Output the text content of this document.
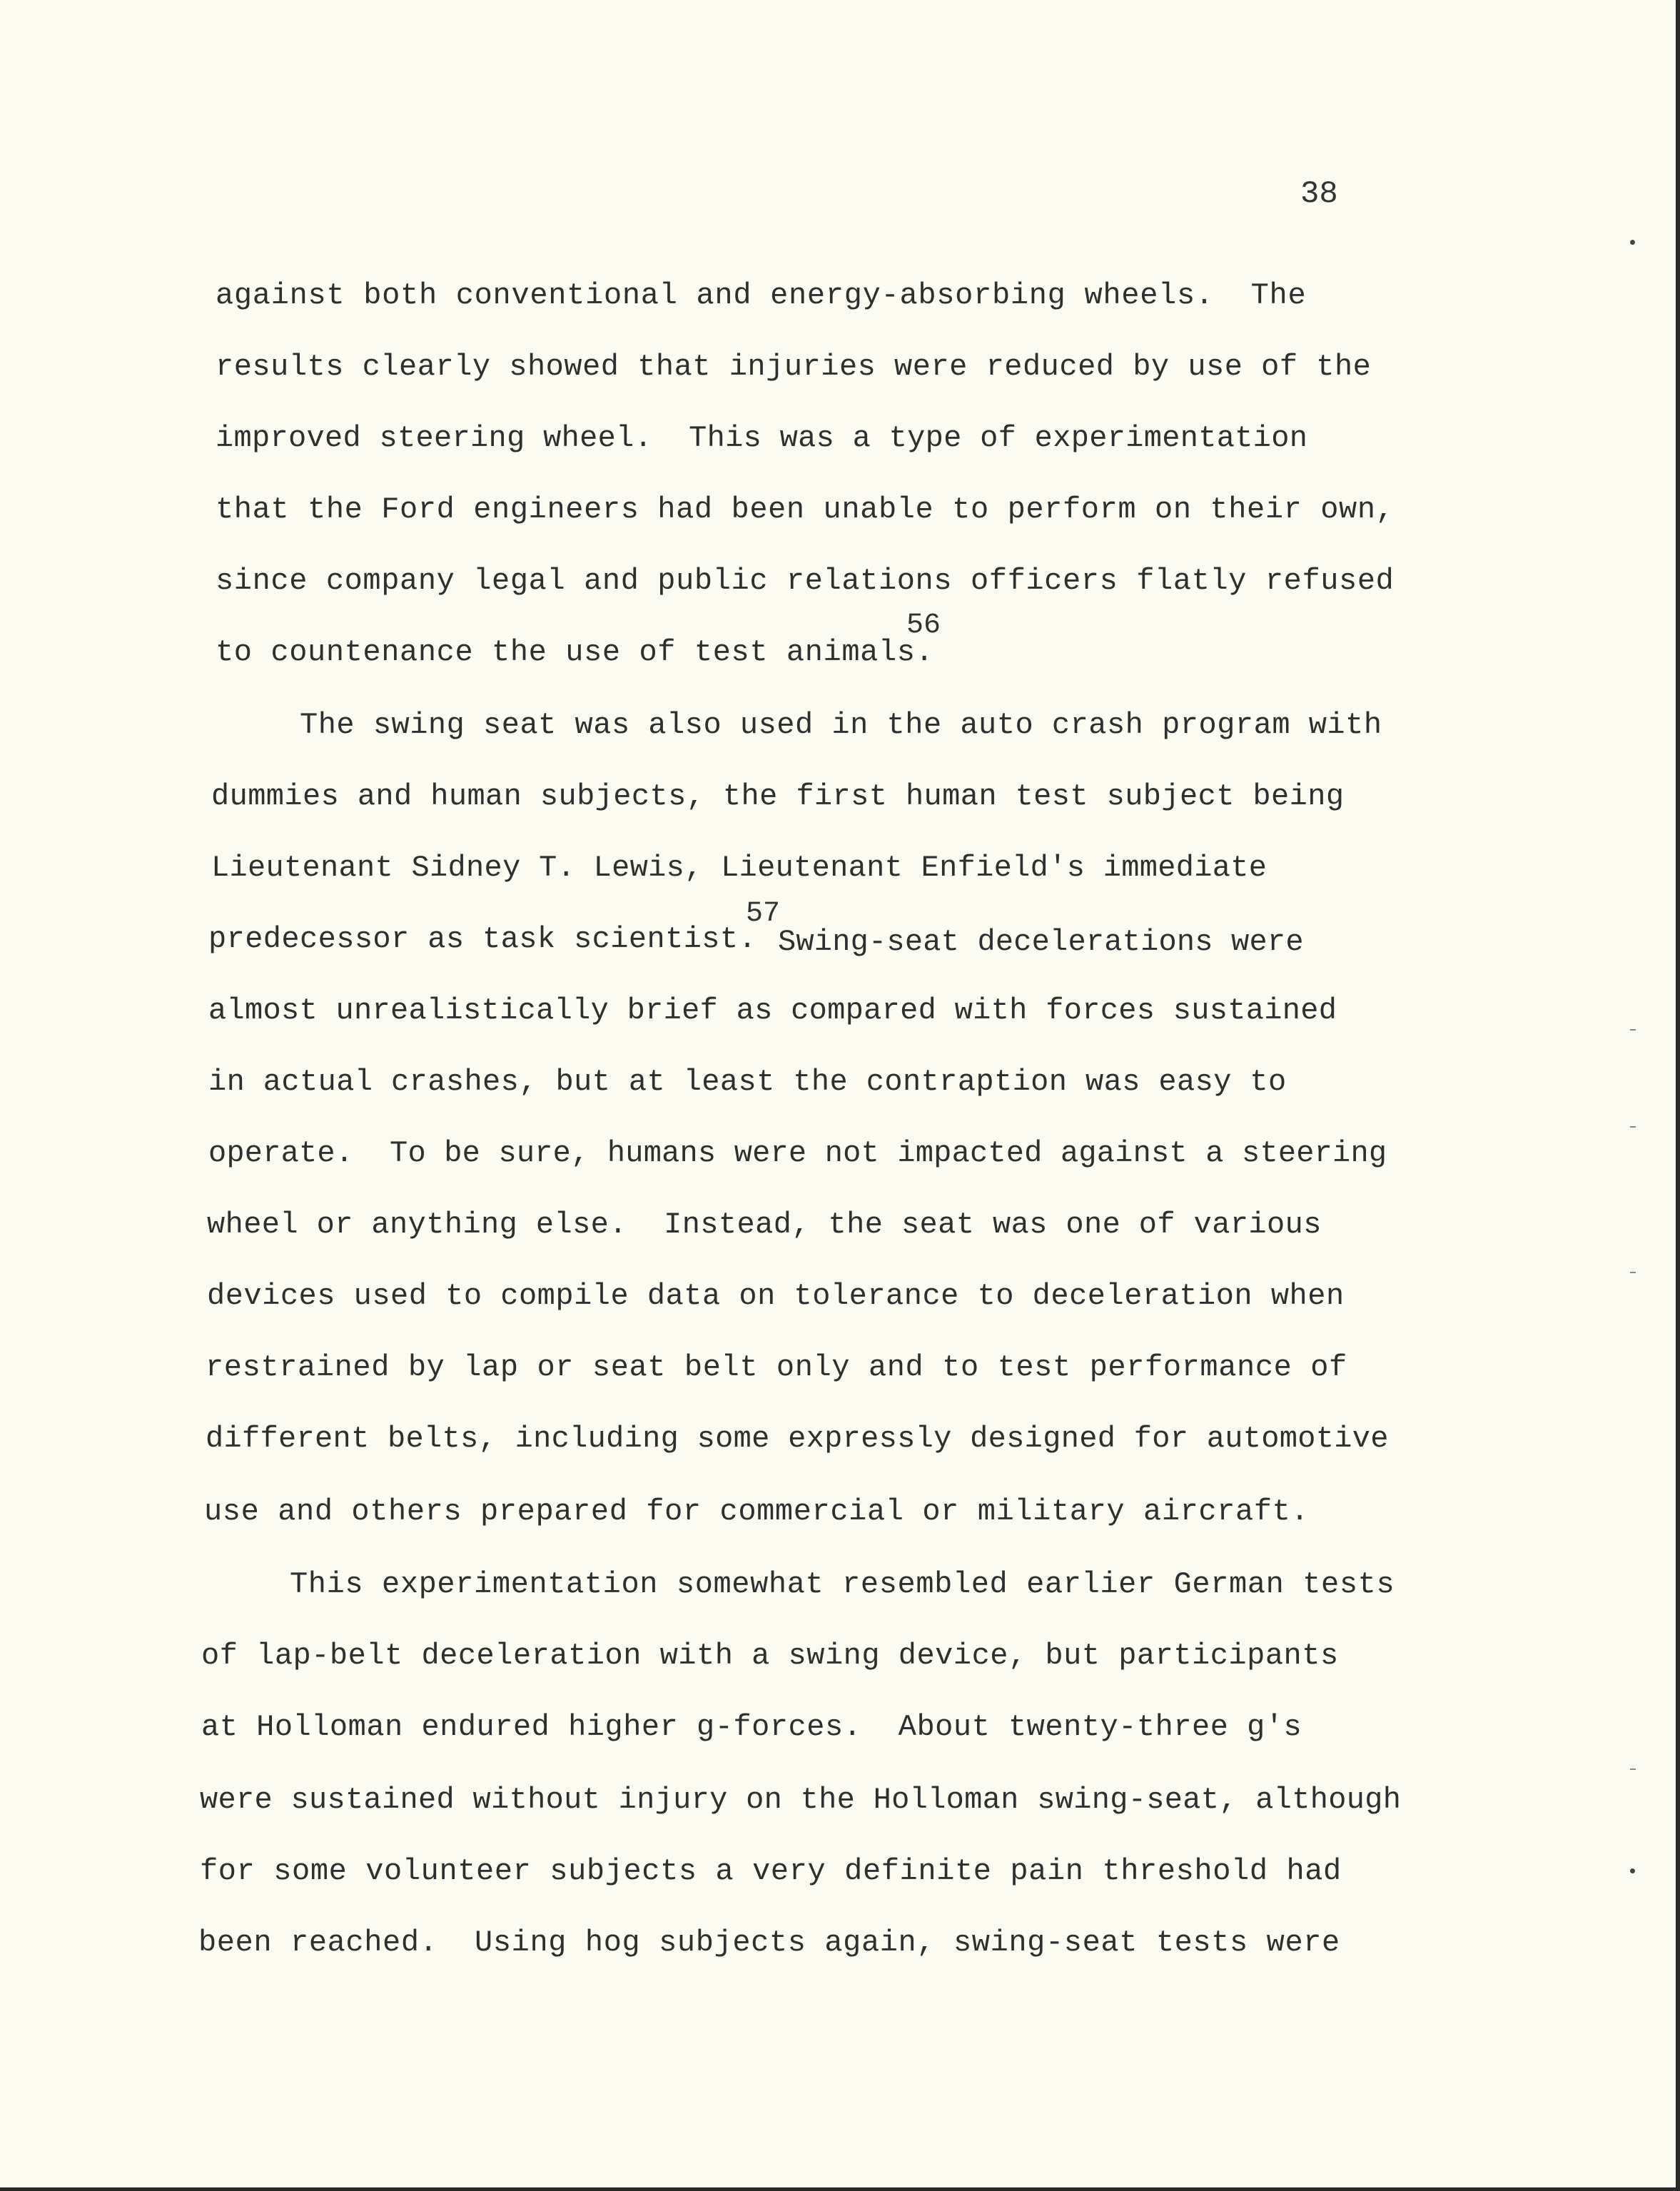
38
against both conventional and energy-absorbing wheels.  The
results clearly showed that injuries were reduced by use of the
improved steering wheel.  This was a type of experimentation
that the Ford engineers had been unable to perform on their own,
since company legal and public relations officers flatly refused
to countenance the use of test animals.
56
The swing seat was also used in the auto crash program with
dummies and human subjects, the first human test subject being
Lieutenant Sidney T. Lewis, Lieutenant Enfield's immediate
predecessor as task scientist.
57
Swing-seat decelerations were
almost unrealistically brief as compared with forces sustained
in actual crashes, but at least the contraption was easy to
operate.  To be sure, humans were not impacted against a steering
wheel or anything else.  Instead, the seat was one of various
devices used to compile data on tolerance to deceleration when
restrained by lap or seat belt only and to test performance of
different belts, including some expressly designed for automotive
use and others prepared for commercial or military aircraft.
This experimentation somewhat resembled earlier German tests
of lap-belt deceleration with a swing device, but participants
at Holloman endured higher g-forces.  About twenty-three g's
were sustained without injury on the Holloman swing-seat, although
for some volunteer subjects a very definite pain threshold had
been reached.  Using hog subjects again, swing-seat tests were
